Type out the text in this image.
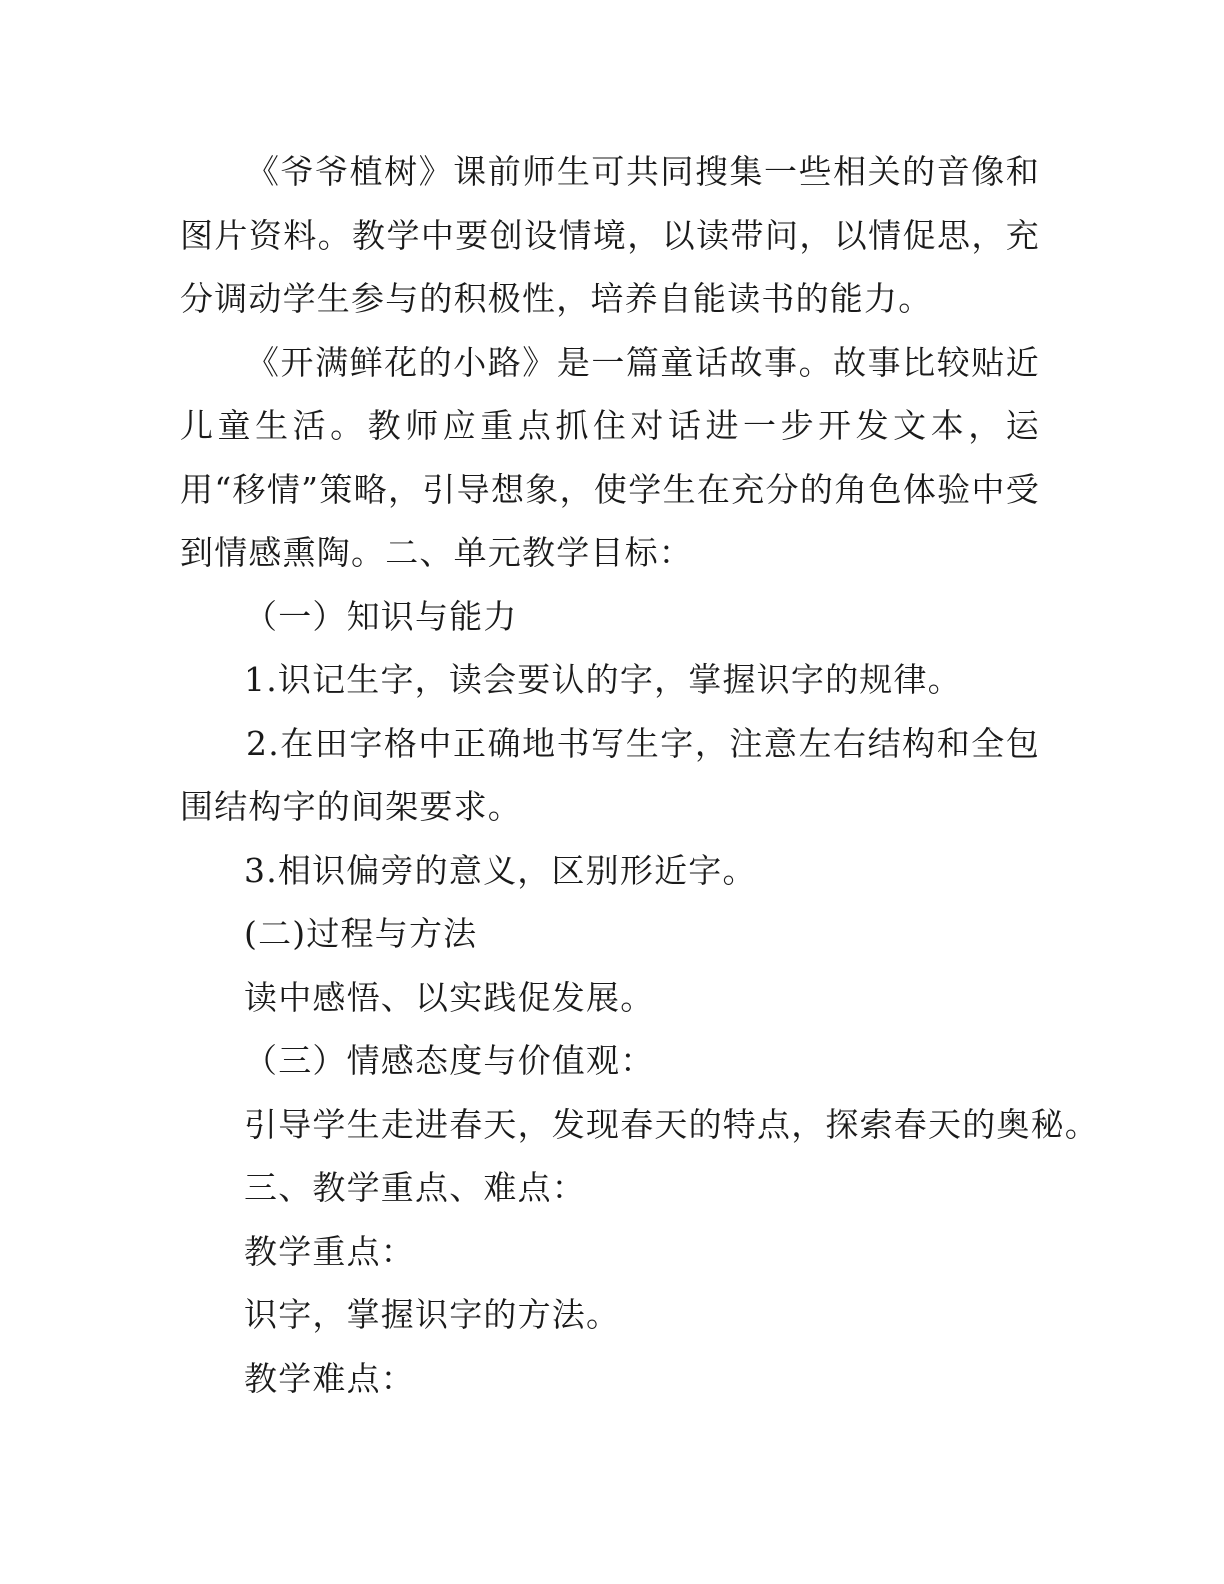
《爷爷植树》课前师生可共同搜集一些相关的音像和图片资料。教学中要创设情境，以读带问，以情促思，充分调动学生参与的积极性，培养自能读书的能力。

《开满鲜花的小路》是一篇童话故事。故事比较贴近儿童生活。教师应重点抓住对话进一步开发文本，运用“移情”策略，引导想象，使学生在充分的角色体验中受到情感熏陶。二、单元教学目标：

（一）知识与能力

1.识记生字，读会要认的字，掌握识字的规律。

2.在田字格中正确地书写生字，注意左右结构和全包围结构字的间架要求。

3.相识偏旁的意义，区别形近字。

(二)过程与方法

读中感悟、以实践促发展。

（三）情感态度与价值观：

引导学生走进春天，发现春天的特点，探索春天的奥秘。

三、教学重点、难点：

教学重点：

识字，掌握识字的方法。

教学难点：
